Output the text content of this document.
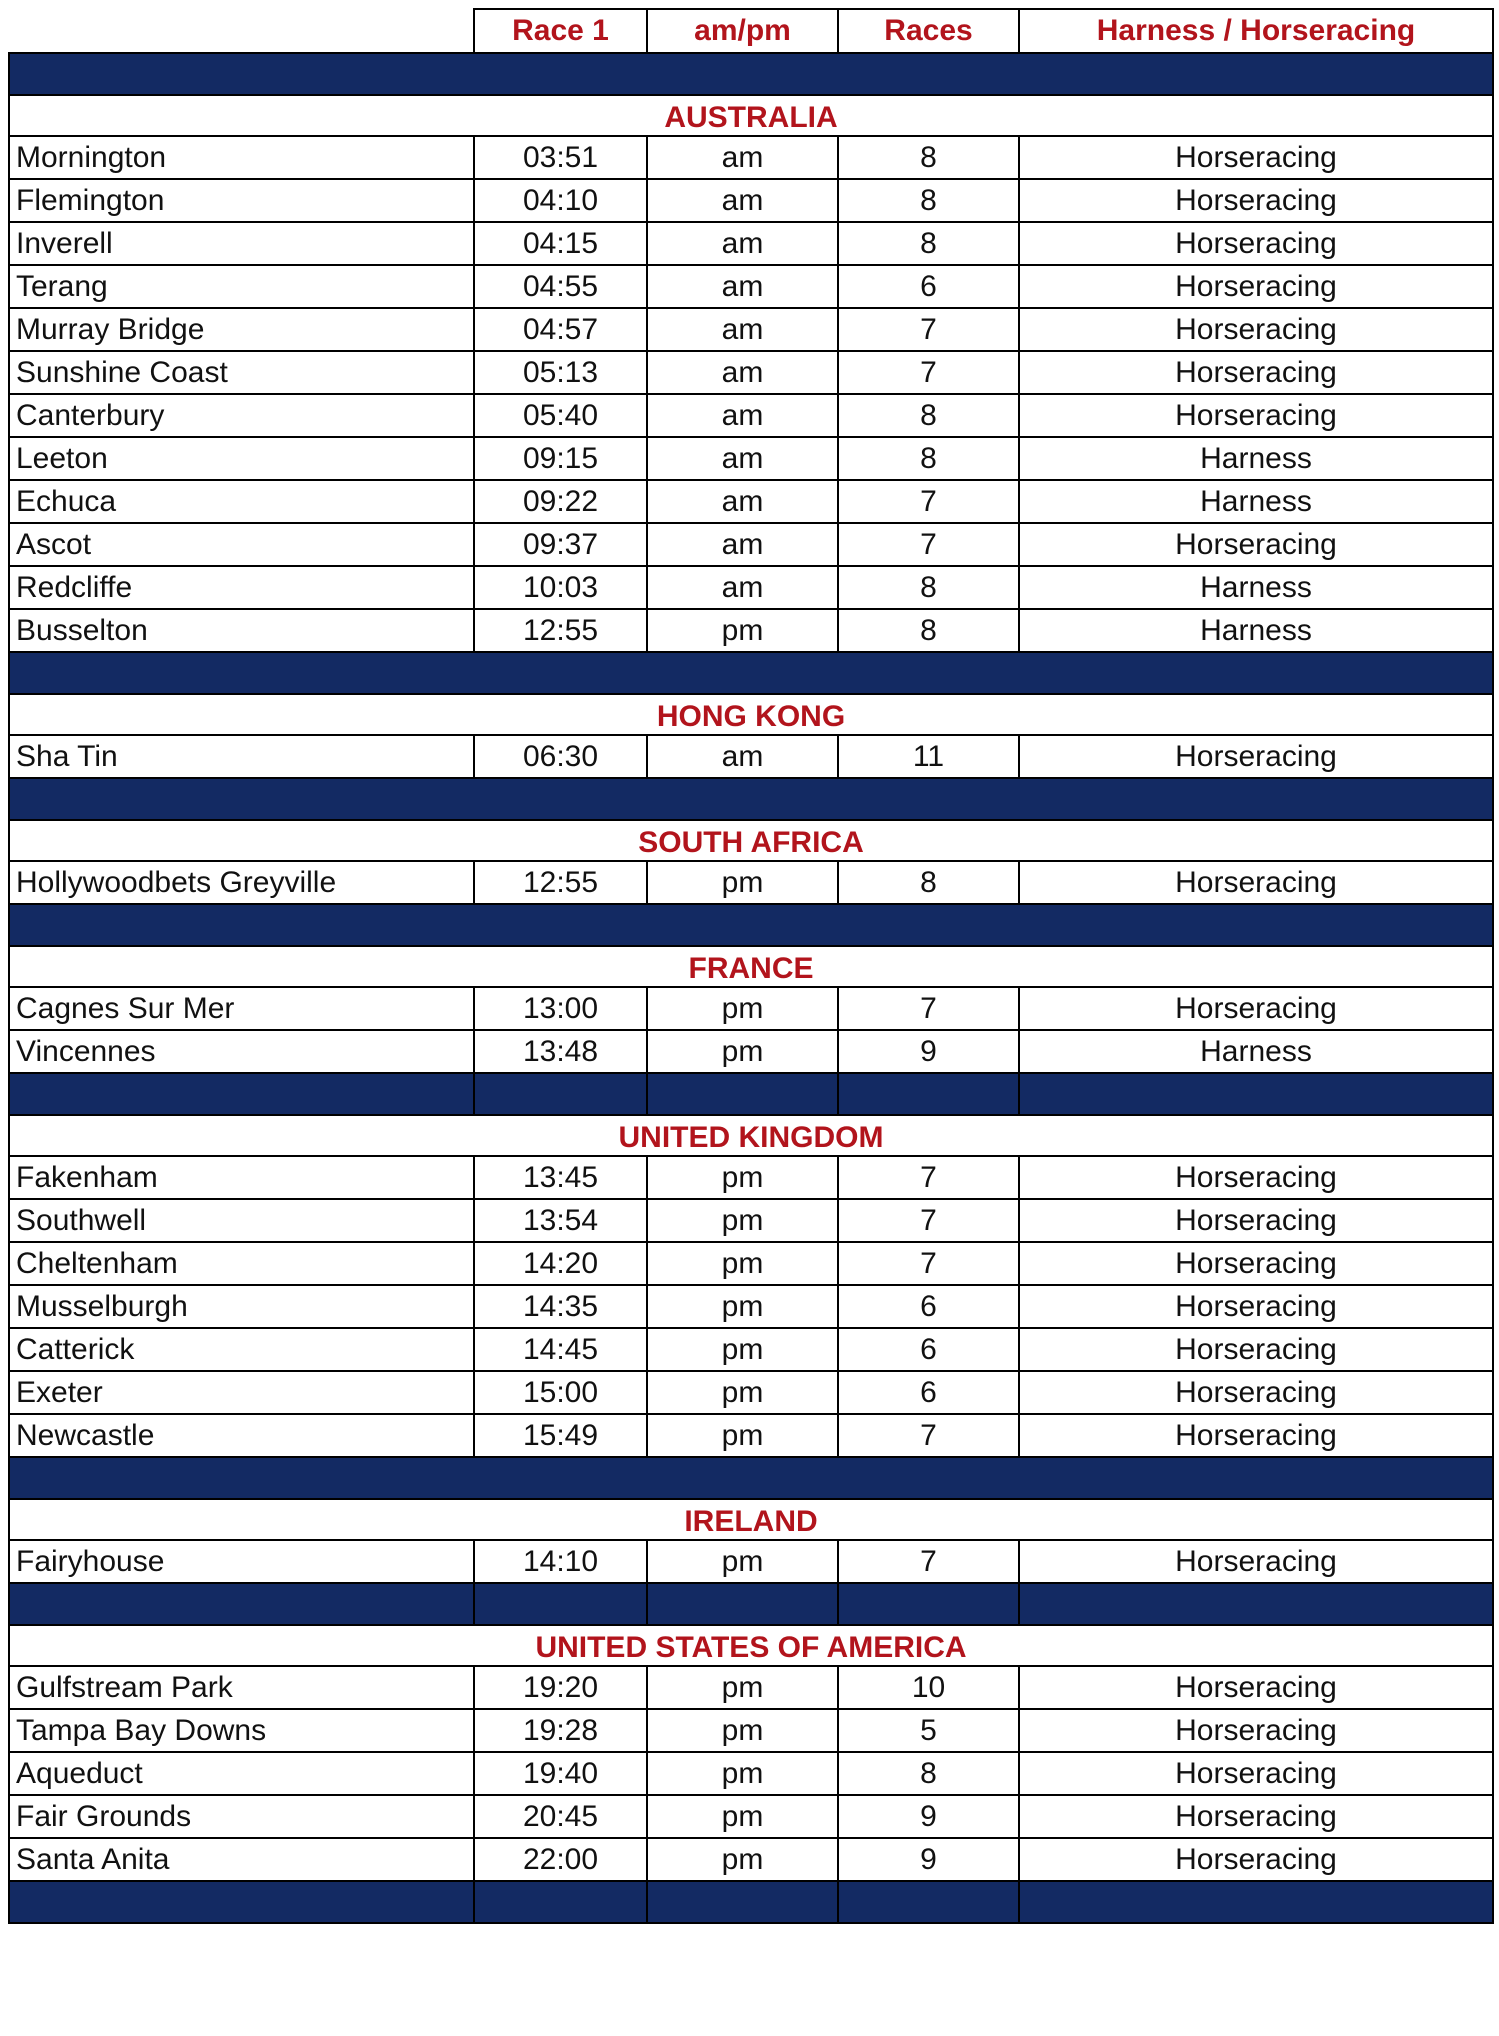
	Race 1	am/pm	Races	Harness / Horseracing

AUSTRALIA				
Mornington	03:51	am	8	Horseracing
Flemington	04:10	am	8	Horseracing
Inverell	04:15	am	8	Horseracing
Terang	04:55	am	6	Horseracing
Murray Bridge	04:57	am	7	Horseracing
Sunshine Coast	05:13	am	7	Horseracing
Canterbury	05:40	am	8	Horseracing
Leeton	09:15	am	8	Harness
Echuca	09:22	am	7	Harness
Ascot	09:37	am	7	Horseracing
Redcliffe	10:03	am	8	Harness
Busselton	12:55	pm	8	Harness

HONG KONG				
Sha Tin	06:30	am	11	Horseracing

SOUTH AFRICA				
Hollywoodbets Greyville	12:55	pm	8	Horseracing

FRANCE				
Cagnes Sur Mer	13:00	pm	7	Horseracing
Vincennes	13:48	pm	9	Harness

UNITED KINGDOM				
Fakenham	13:45	pm	7	Horseracing
Southwell	13:54	pm	7	Horseracing
Cheltenham	14:20	pm	7	Horseracing
Musselburgh	14:35	pm	6	Horseracing
Catterick	14:45	pm	6	Horseracing
Exeter	15:00	pm	6	Horseracing
Newcastle	15:49	pm	7	Horseracing

IRELAND				
Fairyhouse	14:10	pm	7	Horseracing

UNITED STATES OF AMERICA				
Gulfstream Park	19:20	pm	10	Horseracing
Tampa Bay Downs	19:28	pm	5	Horseracing
Aqueduct	19:40	pm	8	Horseracing
Fair Grounds	20:45	pm	9	Horseracing
Santa Anita	22:00	pm	9	Horseracing
